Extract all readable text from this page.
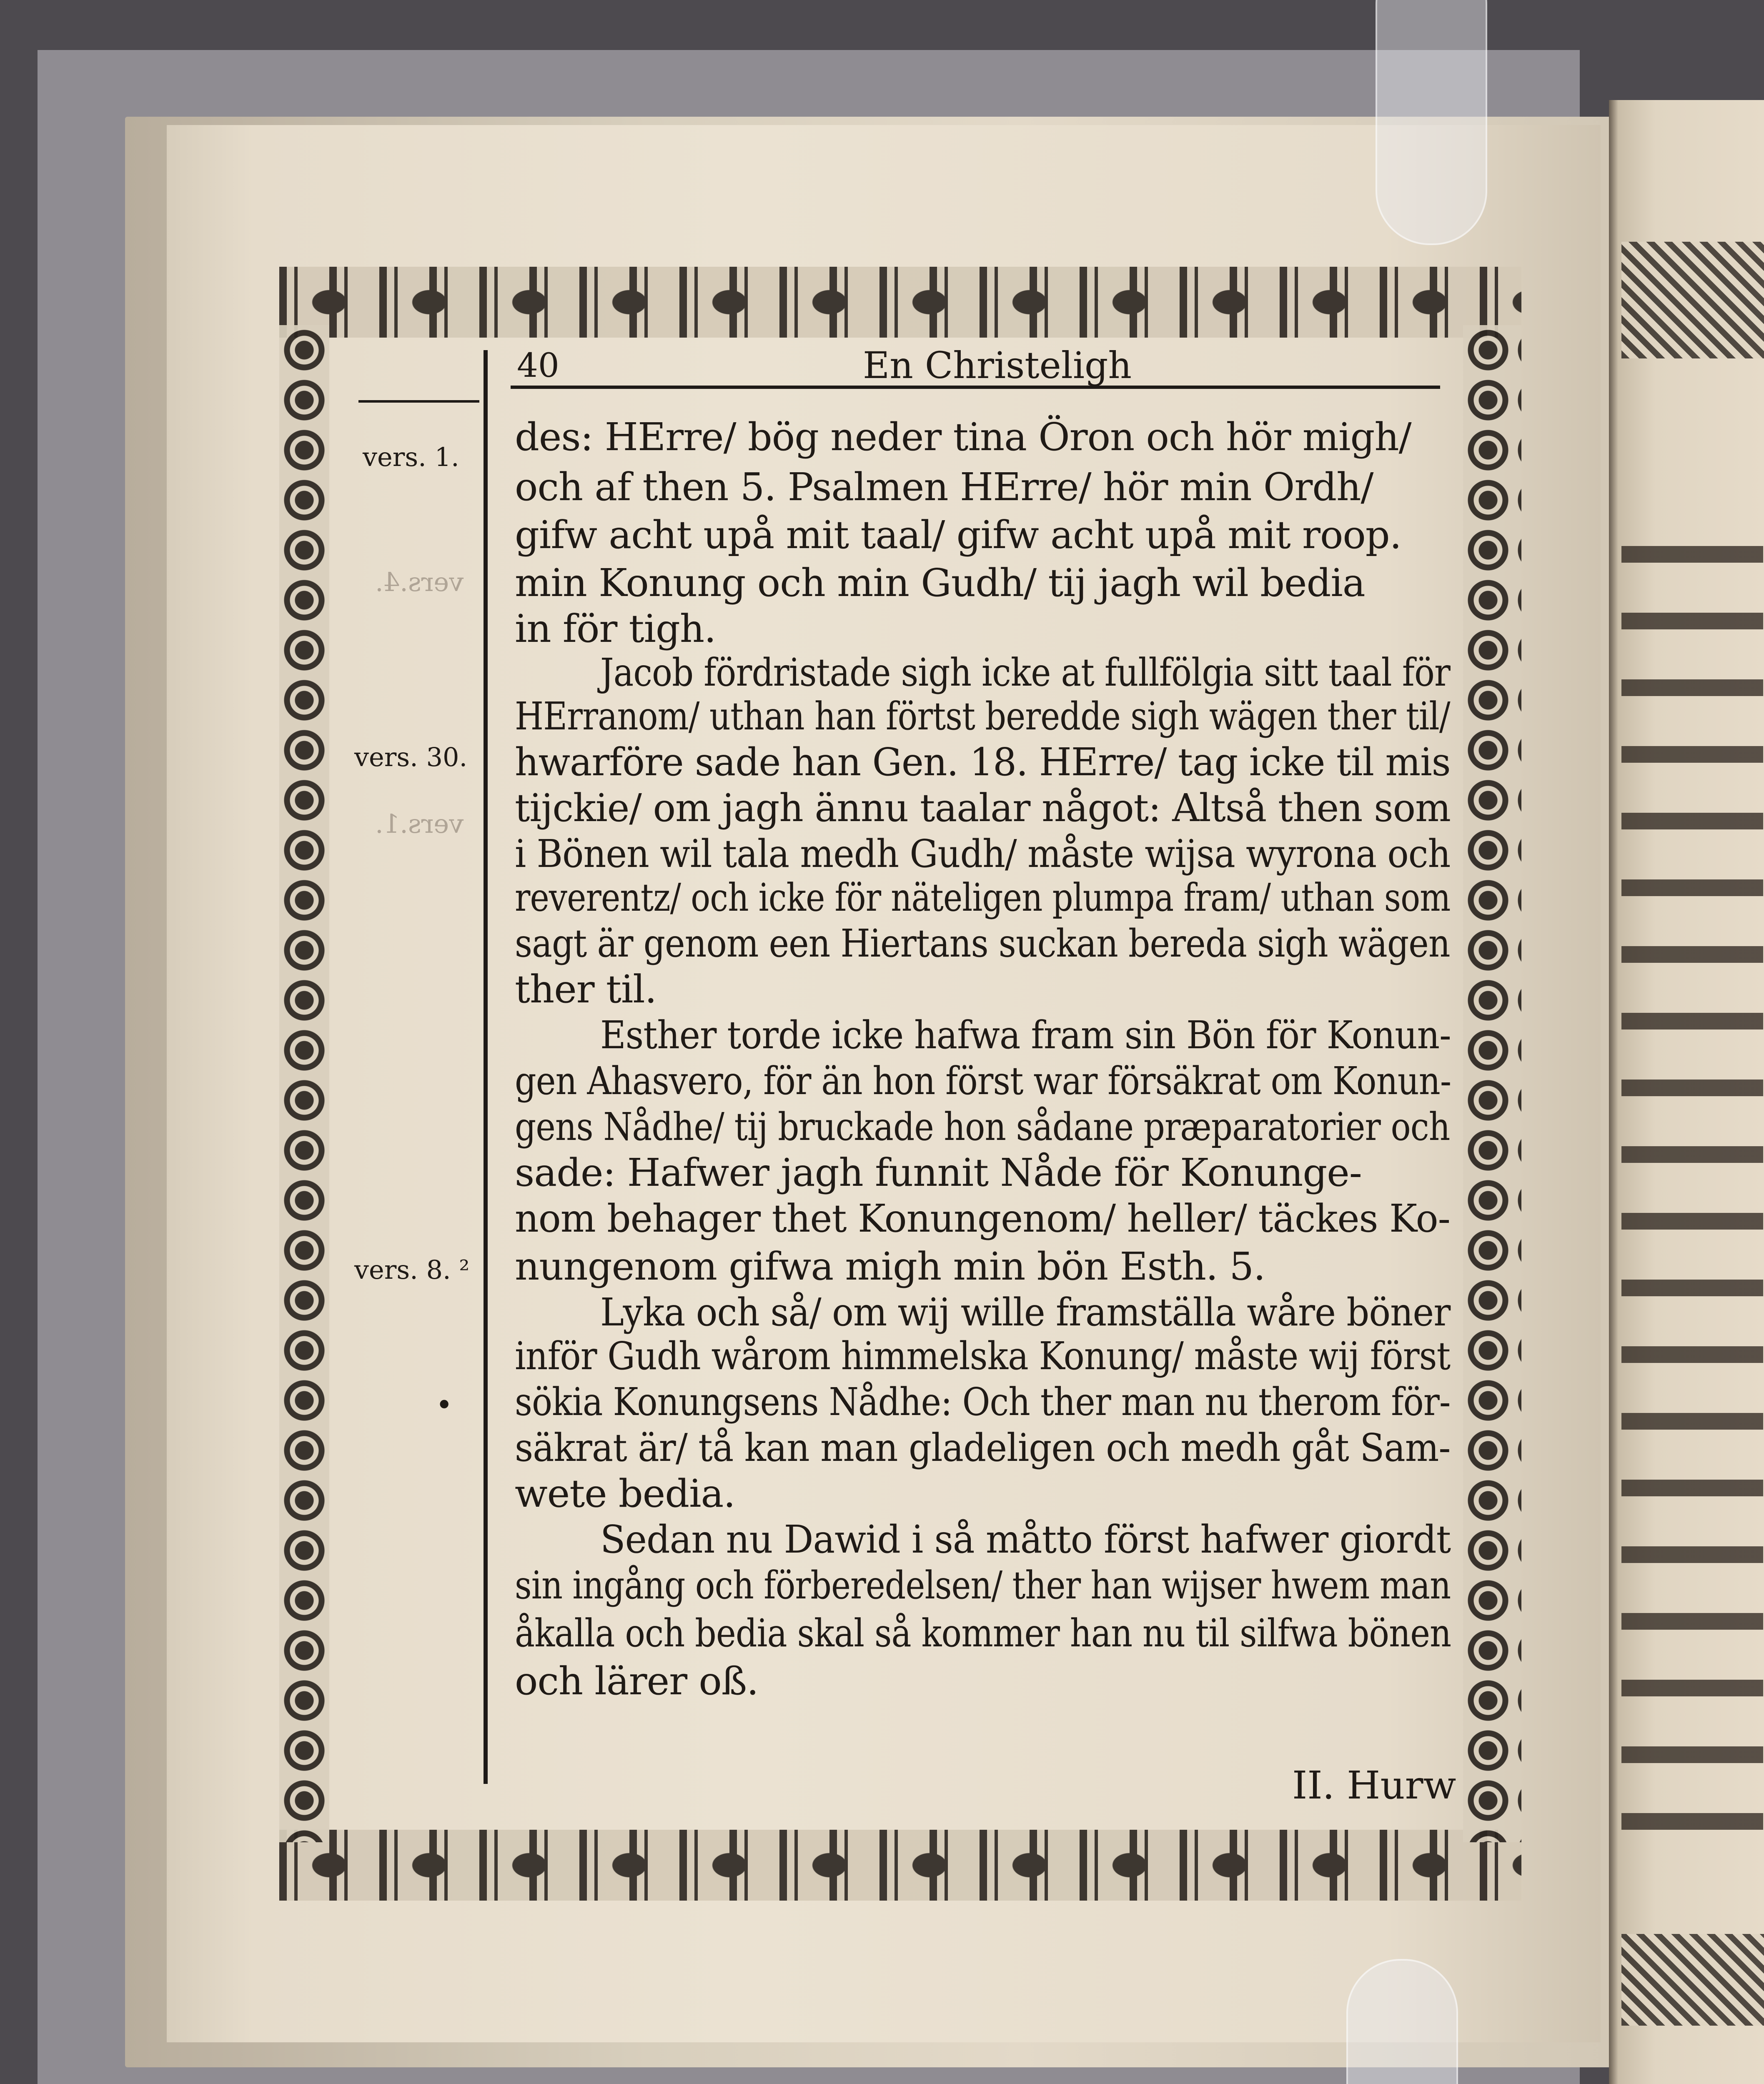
40	En Christeligh
vers. 1.
vers.4.
vers. 30.
vers.1.
vers. 8. ²
•
des: HErre/ bög neder tina Öron och hör migh/
och af then 5. Psalmen HErre/ hör min Ordh/
gifw acht upå mit taal/ gifw acht upå mit roop.
min Konung och min Gudh/ tij jagh wil bedia
in för tigh.
Jacob fördristade sigh icke at fullfölgia sitt taal för
HErranom/ uthan han förtst beredde sigh wägen ther til/
hwarföre sade han Gen. 18. HErre/ tag icke til mis
tijckie/ om jagh ännu taalar något: Altså then som
i Bönen wil tala medh Gudh/ måste wijsa wyrona och
reverentz/ och icke för näteligen plumpa fram/ uthan som
sagt är genom een Hiertans suckan bereda sigh wägen
ther til.
Esther torde icke hafwa fram sin Bön för Konun-
gen Ahasvero, för än hon först war försäkrat om Konun-
gens Nådhe/ tij bruckade hon sådane præparatorier och
sade: Hafwer jagh funnit Nåde för Konunge-
nom behager thet Konungenom/ heller/ täckes Ko-
nungenom gifwa migh min bön Esth. 5.
Lyka och så/ om wij wille framställa wåre böner
inför Gudh wårom himmelska Konung/ måste wij först
sökia Konungsens Nådhe: Och ther man nu therom för-
säkrat är/ tå kan man gladeligen och medh gåt Sam-
wete bedia.
Sedan nu Dawid i så måtto först hafwer giordt
sin ingång och förberedelsen/ ther han wijser hwem man
åkalla och bedia skal så kommer han nu til silfwa bönen
och lärer oß.
II. Hurw
